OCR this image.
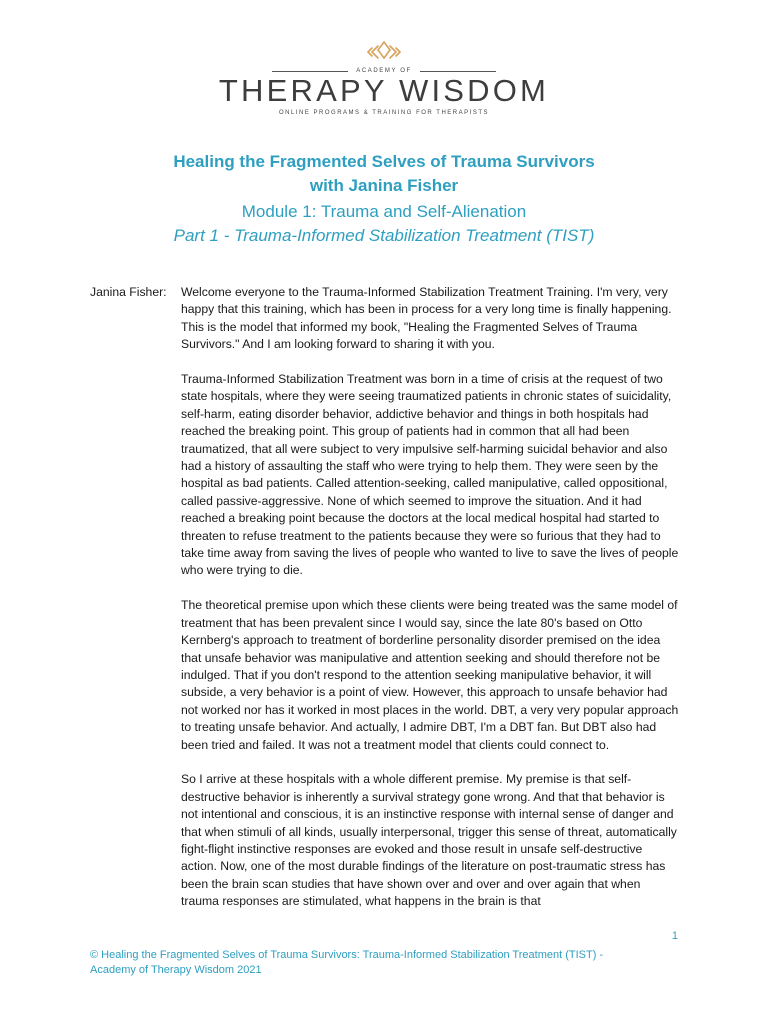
ACADEMY OF
THERAPY WISDOM
ONLINE PROGRAMS & TRAINING FOR THERAPISTS
Healing the Fragmented Selves of Trauma Survivors
with Janina Fisher
Module 1: Trauma and Self-Alienation
Part 1 - Trauma-Informed Stabilization Treatment (TIST)
Janina Fisher: Welcome everyone to the Trauma-Informed Stabilization Treatment Training. I'm very, very happy that this training, which has been in process for a very long time is finally happening. This is the model that informed my book, "Healing the Fragmented Selves of Trauma Survivors." And I am looking forward to sharing it with you.

Trauma-Informed Stabilization Treatment was born in a time of crisis at the request of two state hospitals, where they were seeing traumatized patients in chronic states of suicidality, self-harm, eating disorder behavior, addictive behavior and things in both hospitals had reached the breaking point. This group of patients had in common that all had been traumatized, that all were subject to very impulsive self-harming suicidal behavior and also had a history of assaulting the staff who were trying to help them. They were seen by the hospital as bad patients. Called attention-seeking, called manipulative, called oppositional, called passive-aggressive. None of which seemed to improve the situation. And it had reached a breaking point because the doctors at the local medical hospital had started to threaten to refuse treatment to the patients because they were so furious that they had to take time away from saving the lives of people who wanted to live to save the lives of people who were trying to die.

The theoretical premise upon which these clients were being treated was the same model of treatment that has been prevalent since I would say, since the late 80's based on Otto Kernberg's approach to treatment of borderline personality disorder premised on the idea that unsafe behavior was manipulative and attention seeking and should therefore not be indulged. That if you don't respond to the attention seeking manipulative behavior, it will subside, a very behavior is a point of view. However, this approach to unsafe behavior had not worked nor has it worked in most places in the world. DBT, a very very popular approach to treating unsafe behavior. And actually, I admire DBT, I'm a DBT fan. But DBT also had been tried and failed. It was not a treatment model that clients could connect to.

So I arrive at these hospitals with a whole different premise. My premise is that self-destructive behavior is inherently a survival strategy gone wrong. And that that behavior is not intentional and conscious, it is an instinctive response with internal sense of danger and that when stimuli of all kinds, usually interpersonal, trigger this sense of threat, automatically fight-flight instinctive responses are evoked and those result in unsafe self-destructive action. Now, one of the most durable findings of the literature on post-traumatic stress has been the brain scan studies that have shown over and over and over again that when trauma responses are stimulated, what happens in the brain is that

1
© Healing the Fragmented Selves of Trauma Survivors: Trauma-Informed Stabilization Treatment (TIST) - Academy of Therapy Wisdom 2021
